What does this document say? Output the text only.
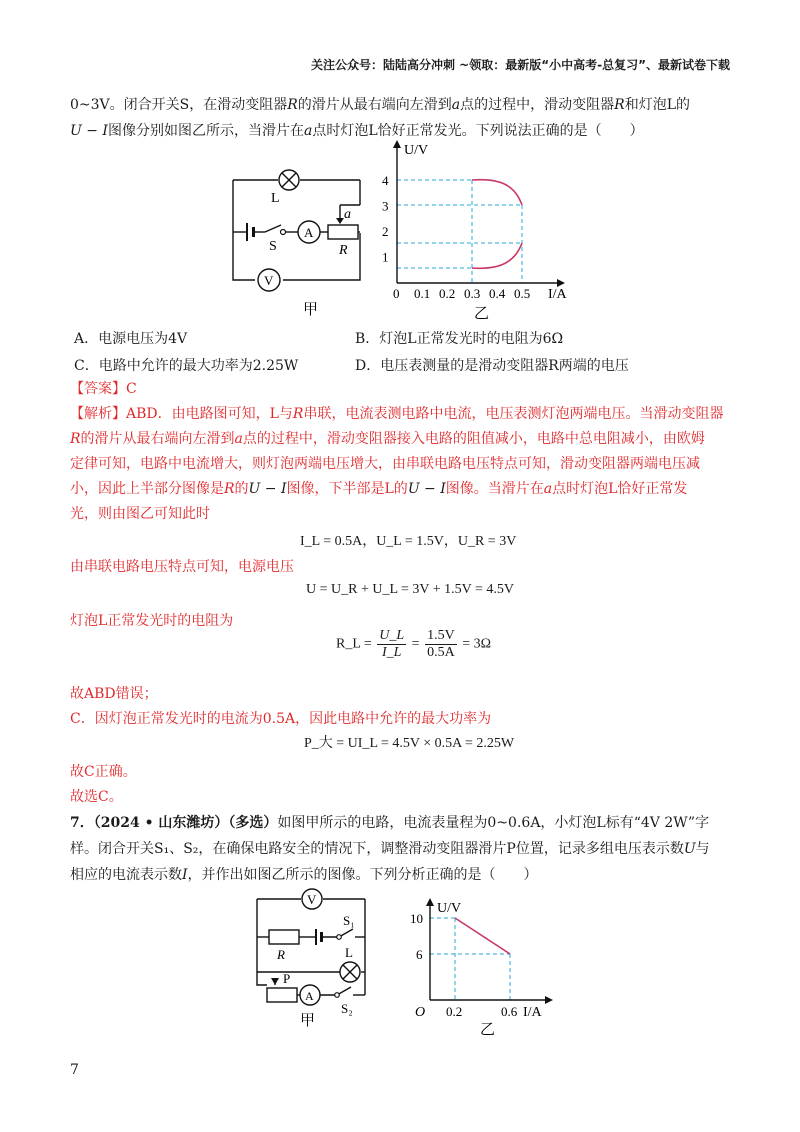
关注公众号：陆陆高分冲刺 ~领取：最新版“小中高考-总复习”、最新试卷下载
0~3V。闭合开关S，在滑动变阻器R的滑片从最右端向左滑到a点的过程中，滑动变阻器R和灯泡L的
U − I图像分别如图乙所示，当滑片在a点时灯泡L恰好正常发光。下列说法正确的是（　　）
L
S
A
R
a
V
甲
U/V
I/A
1
2
3
4
0 0.1 0.2 0.3 0.4 0.5
乙
A．电源电压为4V	B．灯泡L正常发光时的电阻为6Ω
C．电路中允许的最大功率为2.25W	D．电压表测量的是滑动变阻器R两端的电压
【答案】C
【解析】ABD．由电路图可知，L与R串联，电流表测电路中电流，电压表测灯泡两端电压。当滑动变阻器
R的滑片从最右端向左滑到a点的过程中，滑动变阻器接入电路的阻值减小，电路中总电阻减小，由欧姆
定律可知，电路中电流增大，则灯泡两端电压增大，由串联电路电压特点可知，滑动变阻器两端电压减
小，因此上半部分图像是R的U − I图像，下半部是L的U − I图像。当滑片在a点时灯泡L恰好正常发
光，则由图乙可知此时
I_L = 0.5A，U_L = 1.5V，U_R = 3V
由串联电路电压特点可知，电源电压
U = U_R + U_L = 3V + 1.5V = 4.5V
灯泡L正常发光时的电阻为
R_L = $\frac{U\_L}{I\_L} = \frac{1.5V}{0.5A} = 3\Omega$
故ABD错误；
C．因灯泡正常发光时的电流为0.5A，因此电路中允许的最大功率为
P_大 = UI_L = 4.5V × 0.5A = 2.25W
故C正确。
故选C。
7．（2024 • 山东潍坊）（多选）如图甲所示的电路，电流表量程为0~0.6A，小灯泡L标有“4V 2W”字
样。闭合开关S₁、S₂，在确保电路安全的情况下，调整滑动变阻器滑片P位置，记录多组电压表示数U与
相应的电流表示数I，并作出如图乙所示的图像。下列分析正确的是（　　）
V
S₁
R	L
P
A
S₂
甲
U/V
I/A
O
10
6
0.2	0.6
乙
7
